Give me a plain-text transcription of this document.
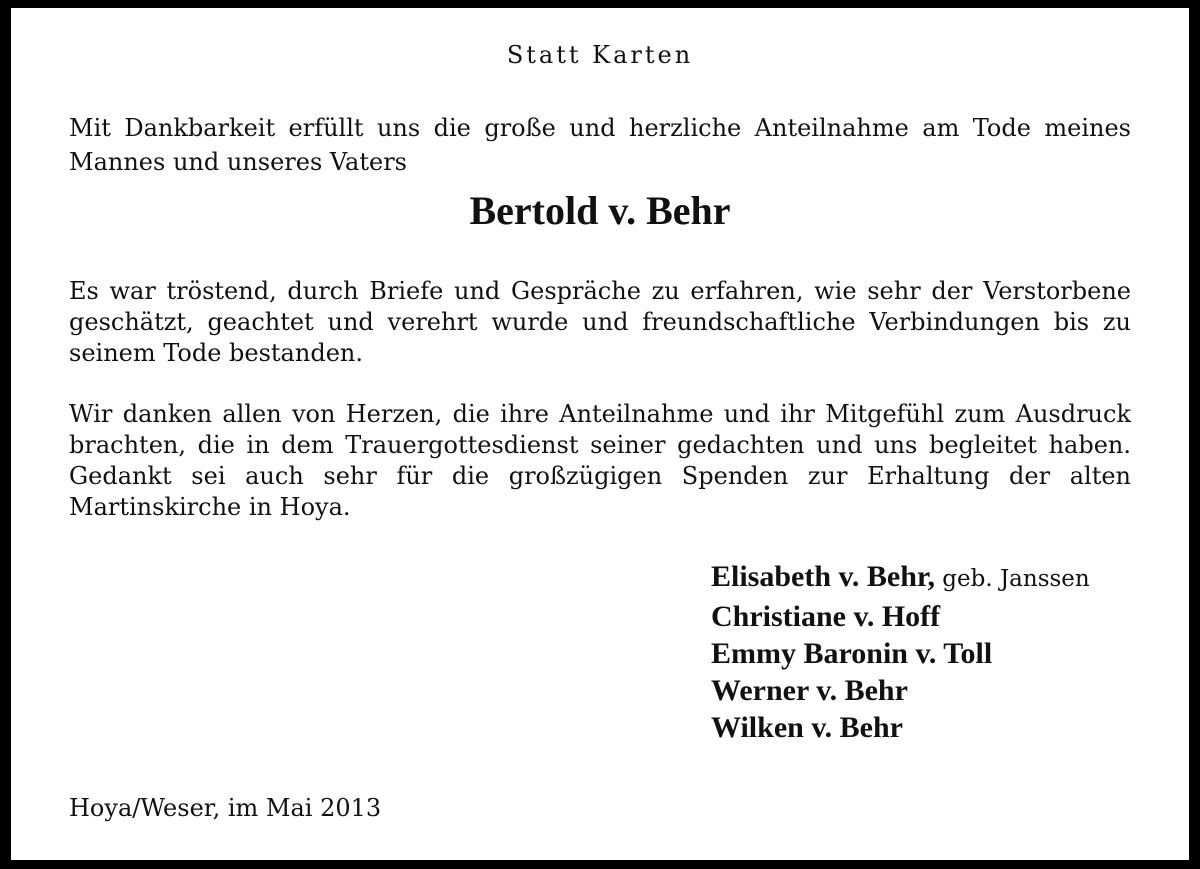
Statt Karten

Mit Dankbarkeit erfüllt uns die große und herzliche Anteilnahme am Tode meines Mannes und unseres Vaters

Bertold v. Behr

Es war tröstend, durch Briefe und Gespräche zu erfahren, wie sehr der Verstorbene geschätzt, geachtet und verehrt wurde und freundschaftliche Verbindungen bis zu seinem Tode bestanden.

Wir danken allen von Herzen, die ihre Anteilnahme und ihr Mitgefühl zum Ausdruck brachten, die in dem Trauergottesdienst seiner gedachten und uns begleitet haben. Gedankt sei auch sehr für die großzügigen Spenden zur Erhaltung der alten Martinskirche in Hoya.

Elisabeth v. Behr, geb. Janssen

Christiane v. Hoff

Emmy Baronin v. Toll

Werner v. Behr

Wilken v. Behr

Hoya/Weser, im Mai 2013
